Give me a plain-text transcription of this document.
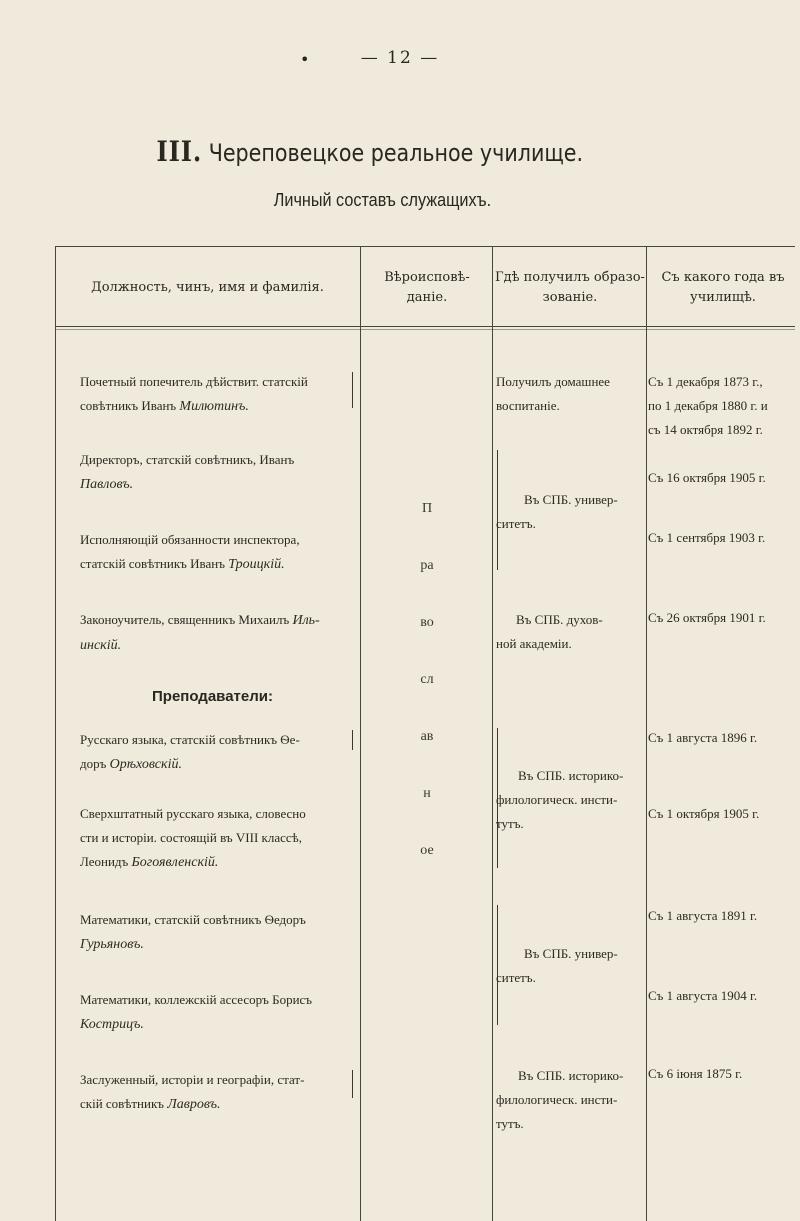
•	— 12 —
III. Череповецкое реальное училище.
Личный составъ служащихъ.
Должность, чинъ, имя и фамилія.
Вѣроисповѣ-
даніе.
Гдѣ получилъ образо-
зованіе.
Съ какого года въ
училищѣ.
Почетный попечитель дѣйствит. статскій
совѣтникъ Иванъ Милютинъ.
Директоръ, статскій совѣтникъ, Иванъ
Павловъ.
Исполняющій обязанности инспектора,
статскій совѣтникъ Иванъ Троицкій.
Законоучитель, священникъ Михаилъ Иль-
инскій.
Преподаватели:
Русскаго языка, статскій совѣтникъ Ѳе-
доръ Орѣховскій.
Сверхштатный русскаго языка, словесно
сти и исторіи. состоящій въ VIII классѣ,
Леонидъ Богоявленскій.
Математики, статскій совѣтникъ Ѳедоръ
Гурьяновъ.
Математики, коллежскій ассесоръ Борисъ
Кострицъ.
Заслуженный, исторіи и географіи, стат-
скій совѣтникъ Лавровъ.
Православ ное
Получилъ домашнее
воспитаніе.
Въ СПБ. универ-
ситетъ.
Въ СПБ. духов-
ной академіи.
Въ СПБ. историко-
филологическ. инсти-
тутъ.
Въ СПБ. универ-
ситетъ.
Въ СПБ. историко-
филологическ. инсти-
тутъ.
Съ 1 декабря 1873 г.,
по 1 декабря 1880 г. и
съ 14 октября 1892 г.
Съ 16 октября 1905 г.
Съ 1 сентября 1903 г.
Съ 26 октября 1901 г.
Съ 1 августа 1896 г.
Съ 1 октября 1905 г.
Съ 1 августа 1891 г.
Съ 1 августа 1904 г.
Съ 6 іюня 1875 г.
